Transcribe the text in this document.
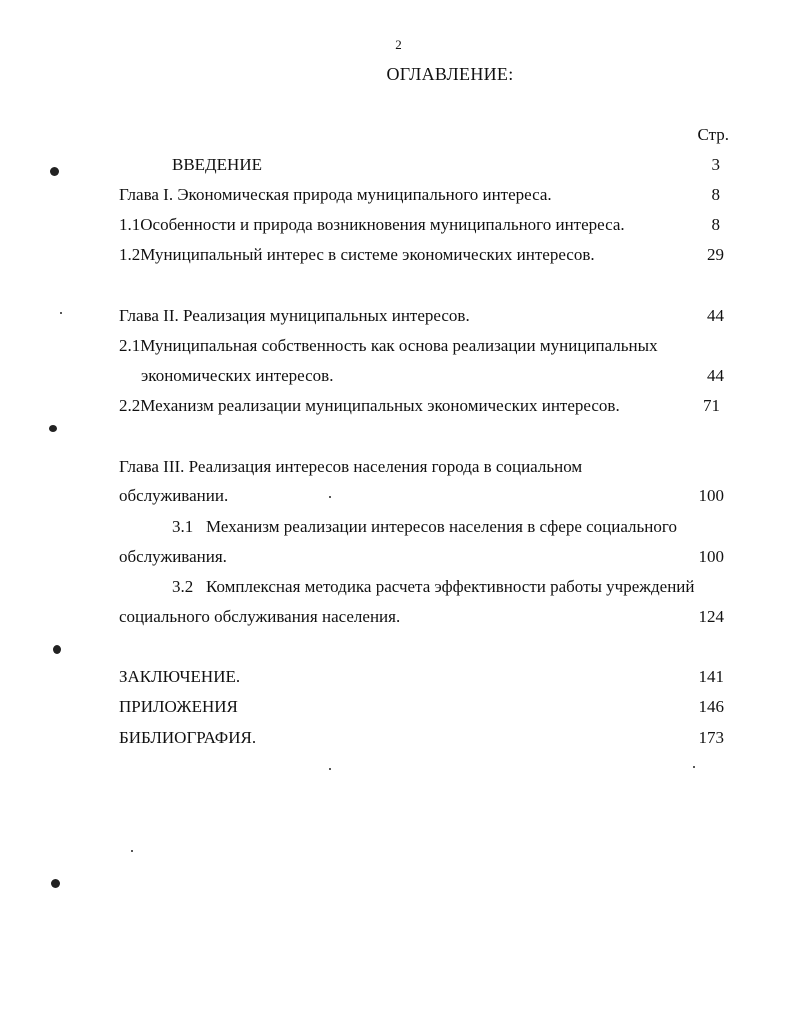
2
ОГЛАВЛЕНИЕ:
Стр.
ВВЕДЕНИЕ	3
Глава I. Экономическая природа муниципального интереса.	8
1.1Особенности и природа возникновения муниципального интереса.	8
1.2Муниципальный интерес в системе экономических интересов.	29
Глава II. Реализация муниципальных интересов.	44
2.1Муниципальная собственность как основа реализации муниципальных
экономических интересов.	44
2.2Механизм реализации муниципальных экономических интересов.	71
Глава III. Реализация интересов населения города в социальном
обслуживании.	100
3.1   Механизм реализации интересов населения в сфере социального
обслуживания.	100
3.2   Комплексная методика расчета эффективности работы учреждений
социального обслуживания населения.	124
ЗАКЛЮЧЕНИЕ.	141
ПРИЛОЖЕНИЯ	146
БИБЛИОГРАФИЯ.	173
